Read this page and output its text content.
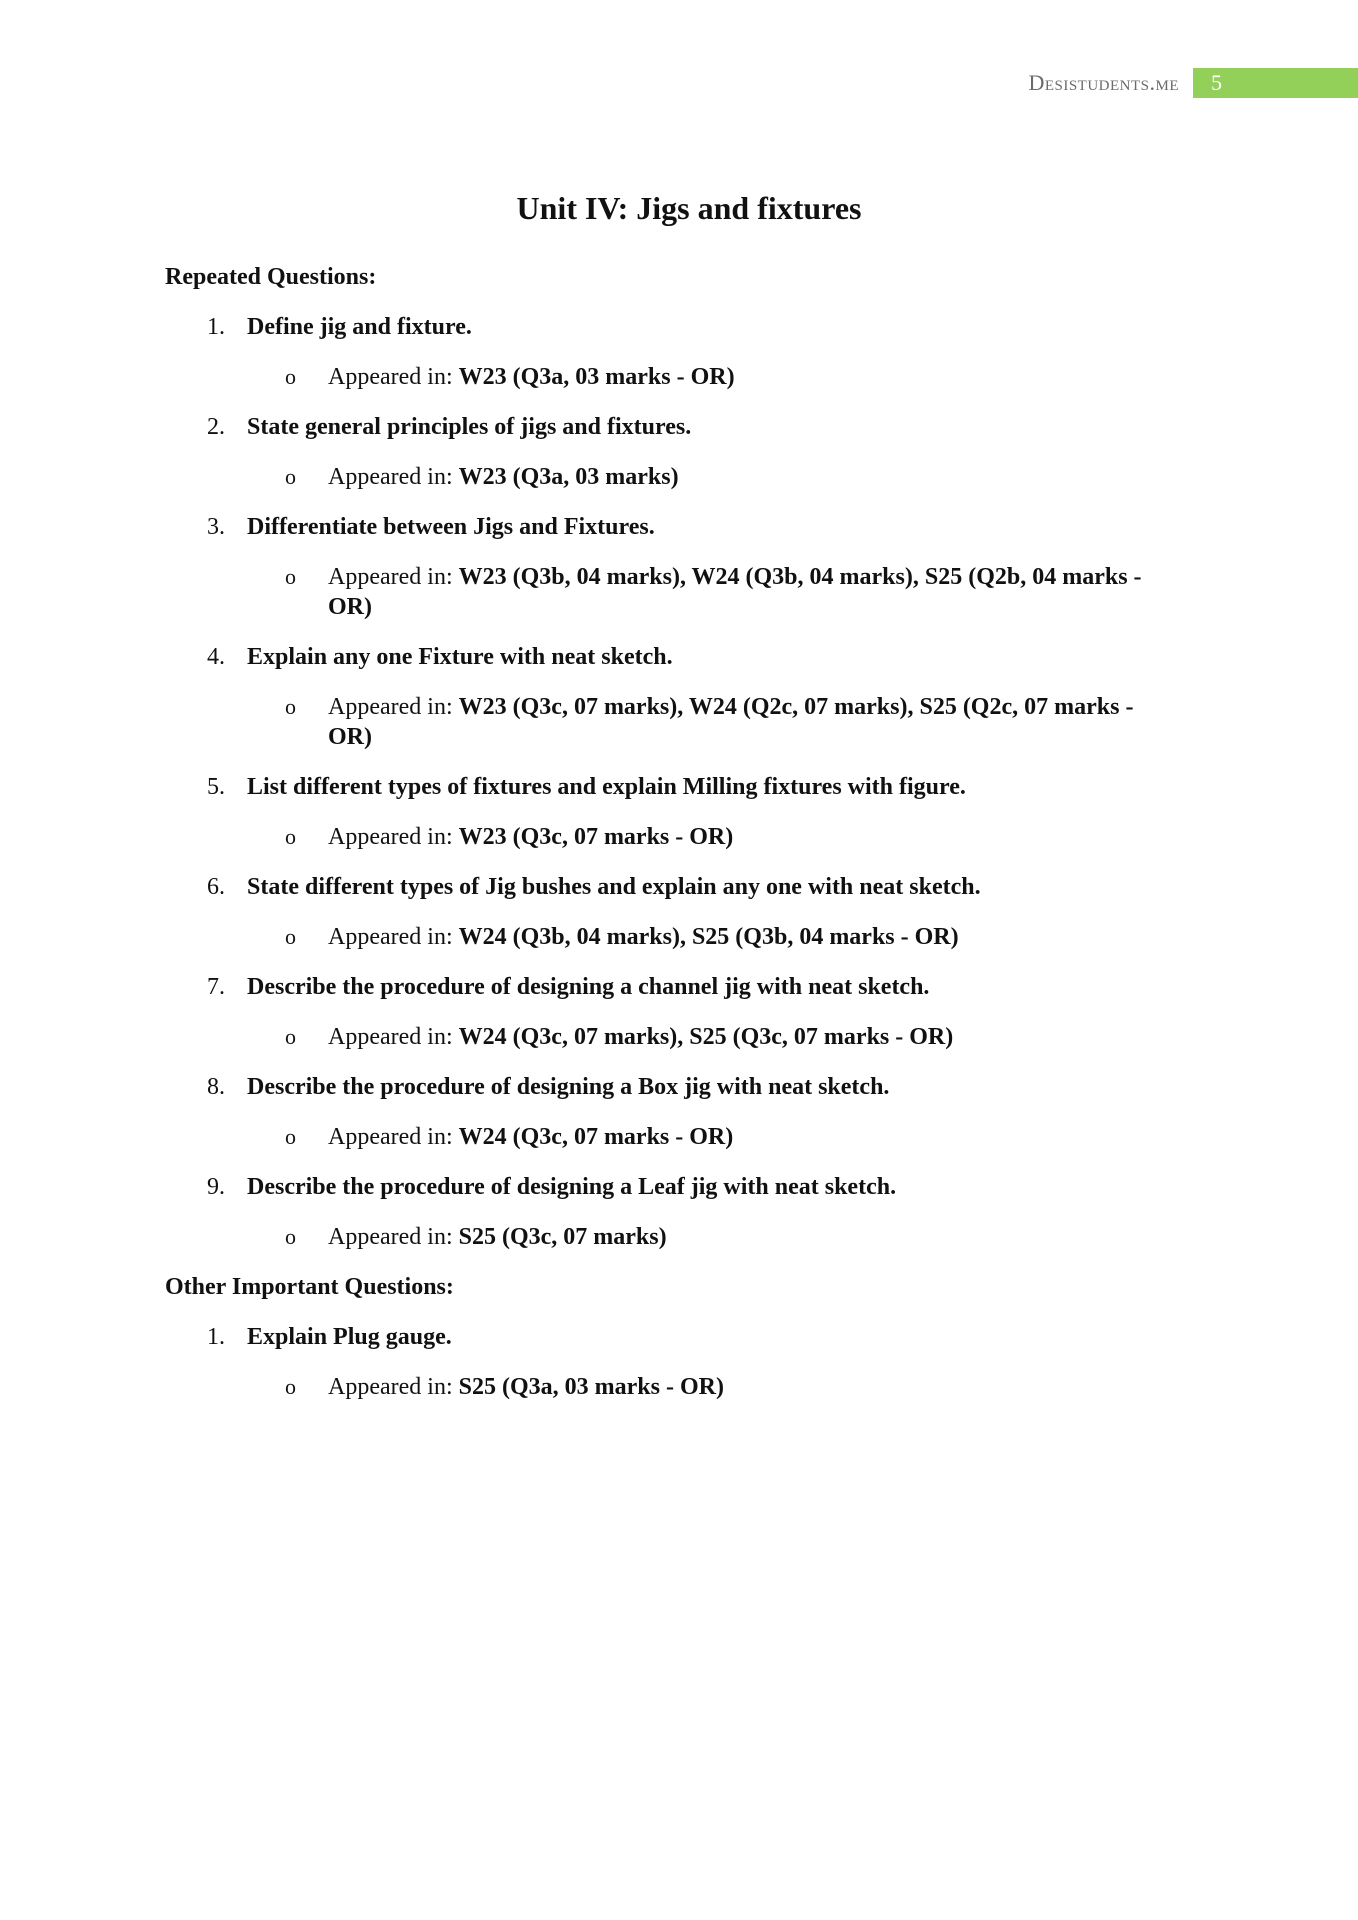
Desistudents.me	5
Unit IV: Jigs and fixtures
Repeated Questions:
1. Define jig and fixture.
o	Appeared in: W23 (Q3a, 03 marks - OR)
2. State general principles of jigs and fixtures.
o	Appeared in: W23 (Q3a, 03 marks)
3. Differentiate between Jigs and Fixtures.
o	Appeared in: W23 (Q3b, 04 marks), W24 (Q3b, 04 marks), S25 (Q2b, 04 marks - OR)
4. Explain any one Fixture with neat sketch.
o	Appeared in: W23 (Q3c, 07 marks), W24 (Q2c, 07 marks), S25 (Q2c, 07 marks - OR)
5. List different types of fixtures and explain Milling fixtures with figure.
o	Appeared in: W23 (Q3c, 07 marks - OR)
6. State different types of Jig bushes and explain any one with neat sketch.
o	Appeared in: W24 (Q3b, 04 marks), S25 (Q3b, 04 marks - OR)
7. Describe the procedure of designing a channel jig with neat sketch.
o	Appeared in: W24 (Q3c, 07 marks), S25 (Q3c, 07 marks - OR)
8. Describe the procedure of designing a Box jig with neat sketch.
o	Appeared in: W24 (Q3c, 07 marks - OR)
9. Describe the procedure of designing a Leaf jig with neat sketch.
o	Appeared in: S25 (Q3c, 07 marks)
Other Important Questions:
1. Explain Plug gauge.
o	Appeared in: S25 (Q3a, 03 marks - OR)
